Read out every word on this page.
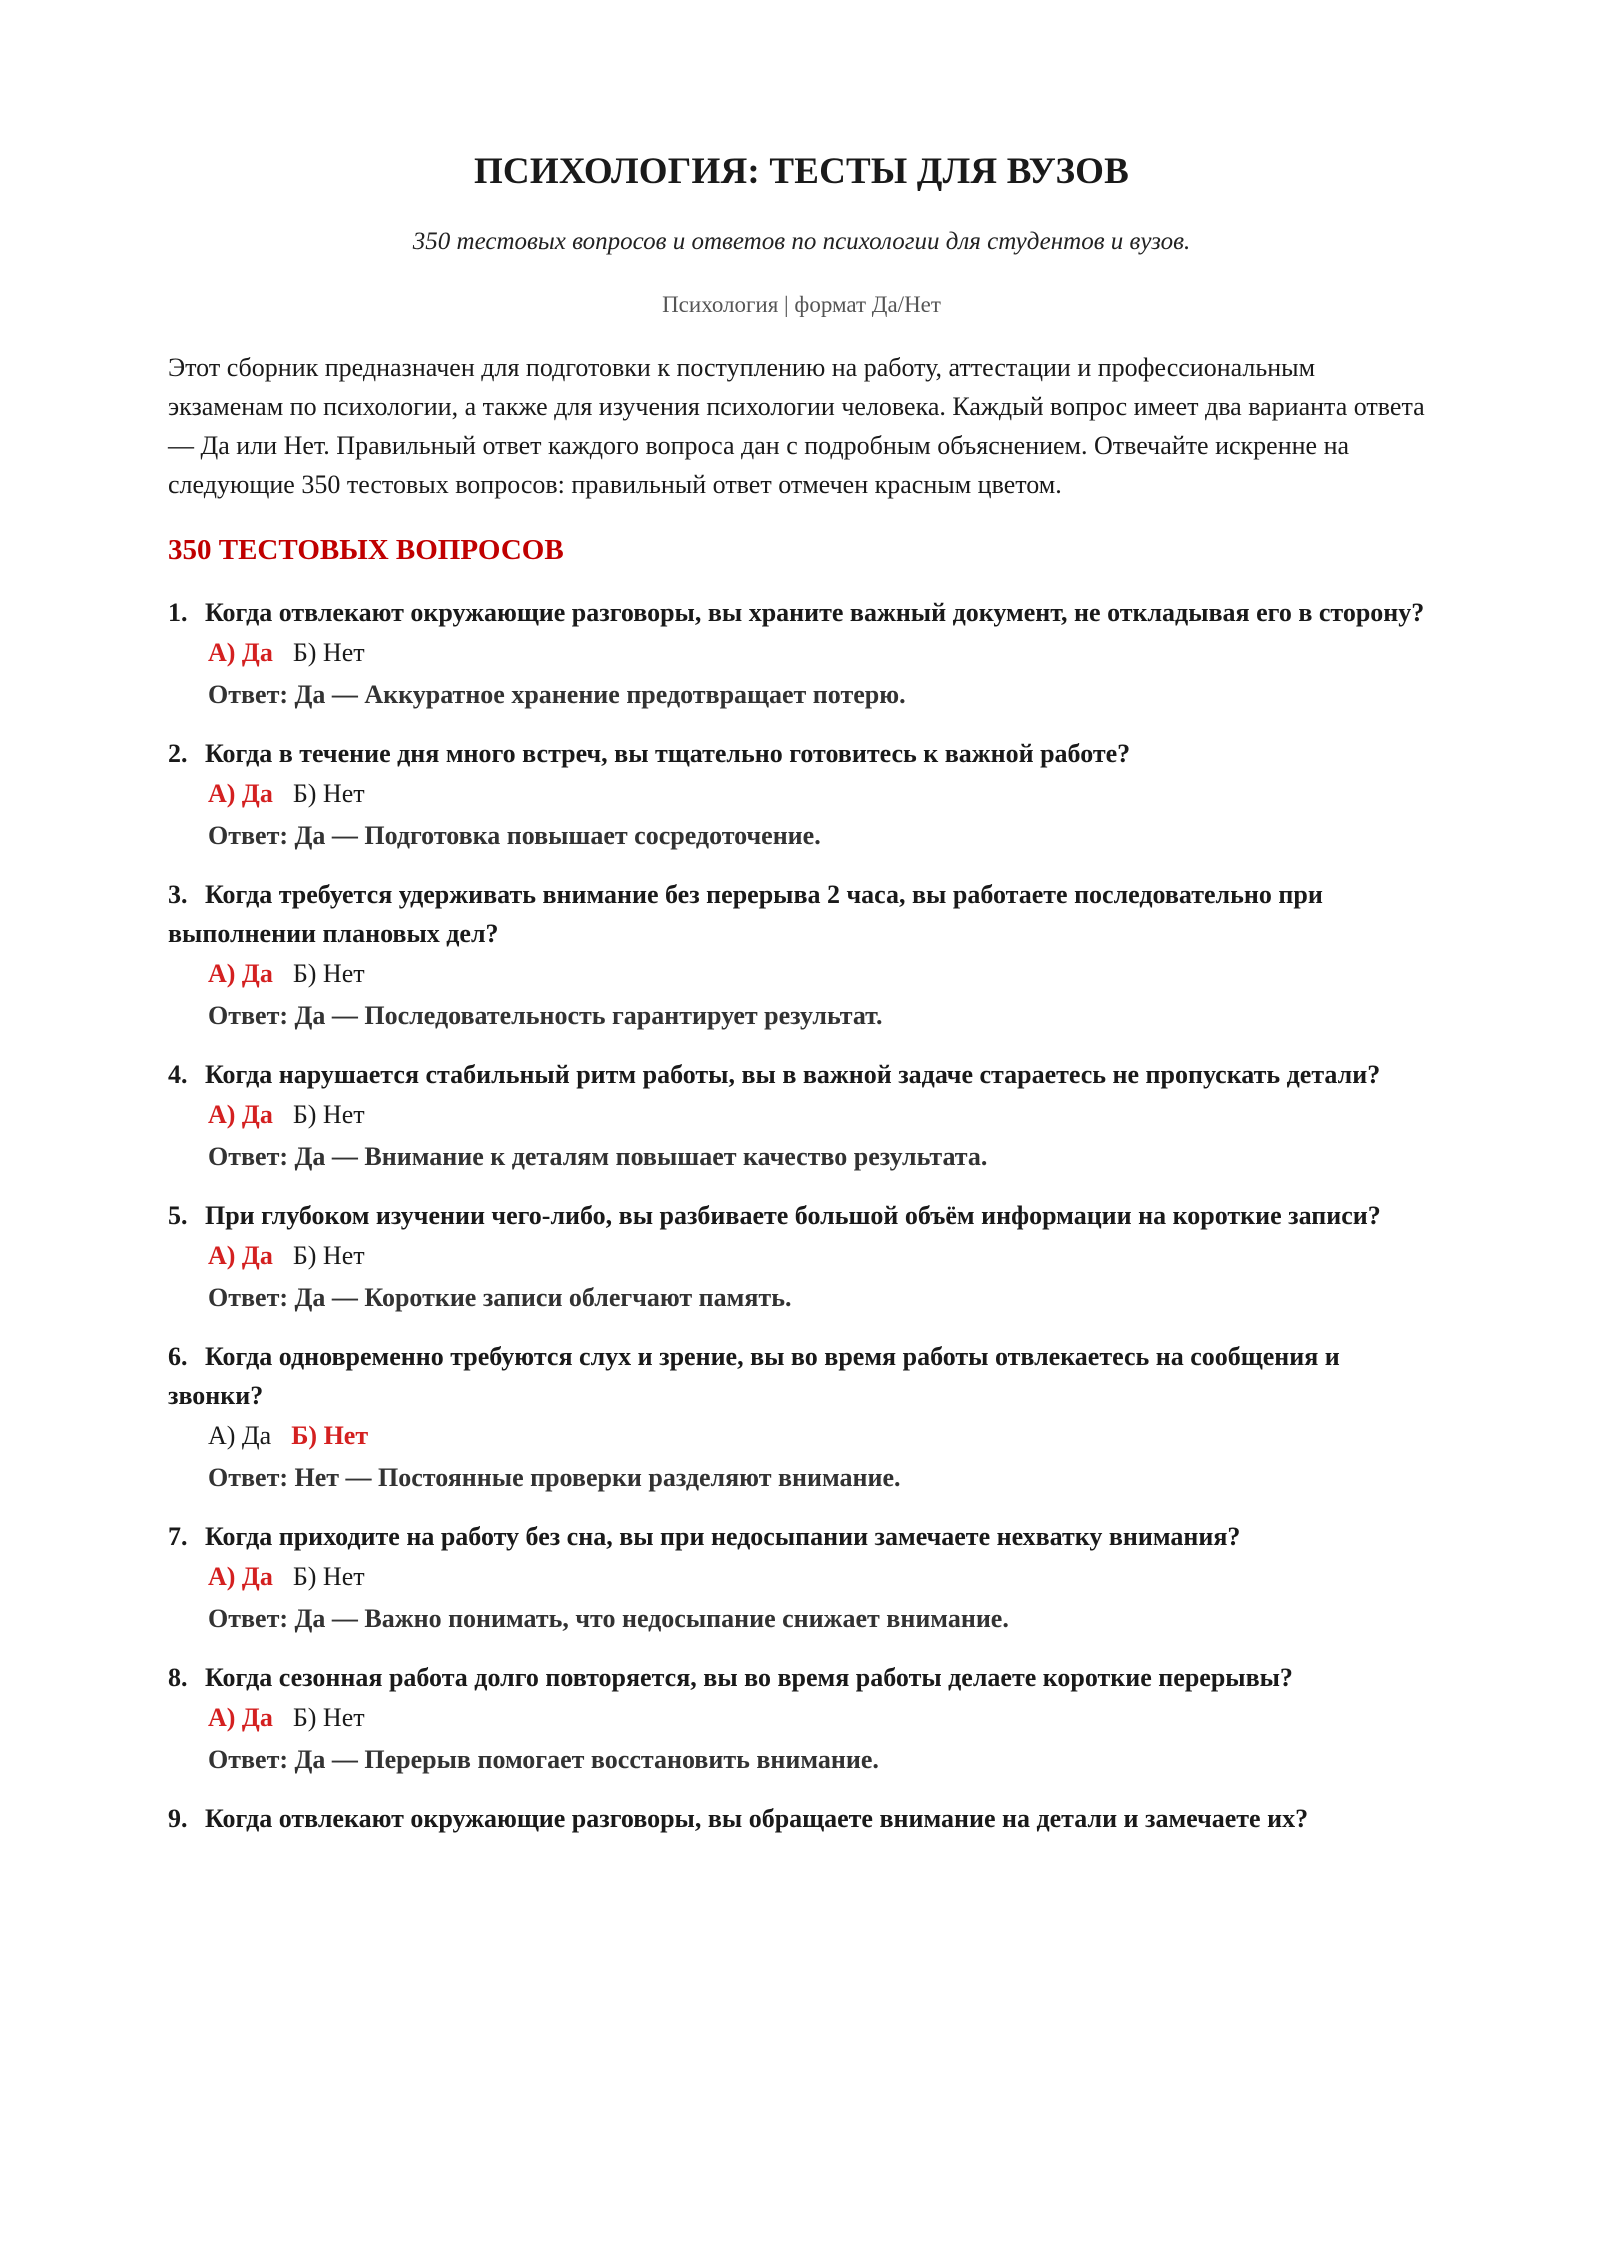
ПСИХОЛОГИЯ: ТЕСТЫ ДЛЯ ВУЗОВ
350 тестовых вопросов и ответов по психологии для студентов и вузов.
Психология | формат Да/Нет

Этот сборник предназначен для подготовки к поступлению на работу, аттестации и профессиональным экзаменам по психологии, а также для изучения психологии человека. Каждый вопрос имеет два варианта ответа — Да или Нет. Правильный ответ каждого вопроса дан с подробным объяснением. Отвечайте искренне на следующие 350 тестовых вопросов: правильный ответ отмечен красным цветом.

350 ТЕСТОВЫХ ВОПРОСОВ
1. Когда отвлекают окружающие разговоры, вы храните важный документ, не откладывая его в сторону?
А) Да Б) Нет
Ответ: Да — Аккуратное хранение предотвращает потерю.
2. Когда в течение дня много встреч, вы тщательно готовитесь к важной работе?
А) Да Б) Нет
Ответ: Да — Подготовка повышает сосредоточение.
3. Когда требуется удерживать внимание без перерыва 2 часа, вы работаете последовательно при выполнении плановых дел?
А) Да Б) Нет
Ответ: Да — Последовательность гарантирует результат.
4. Когда нарушается стабильный ритм работы, вы в важной задаче стараетесь не пропускать детали?
А) Да Б) Нет
Ответ: Да — Внимание к деталям повышает качество результата.
5. При глубоком изучении чего-либо, вы разбиваете большой объём информации на короткие записи?
А) Да Б) Нет
Ответ: Да — Короткие записи облегчают память.
6. Когда одновременно требуются слух и зрение, вы во время работы отвлекаетесь на сообщения и звонки?
А) Да Б) Нет
Ответ: Нет — Постоянные проверки разделяют внимание.
7. Когда приходите на работу без сна, вы при недосыпании замечаете нехватку внимания?
А) Да Б) Нет
Ответ: Да — Важно понимать, что недосыпание снижает внимание.
8. Когда сезонная работа долго повторяется, вы во время работы делаете короткие перерывы?
А) Да Б) Нет
Ответ: Да — Перерыв помогает восстановить внимание.
9. Когда отвлекают окружающие разговоры, вы обращаете внимание на детали и замечаете их?
